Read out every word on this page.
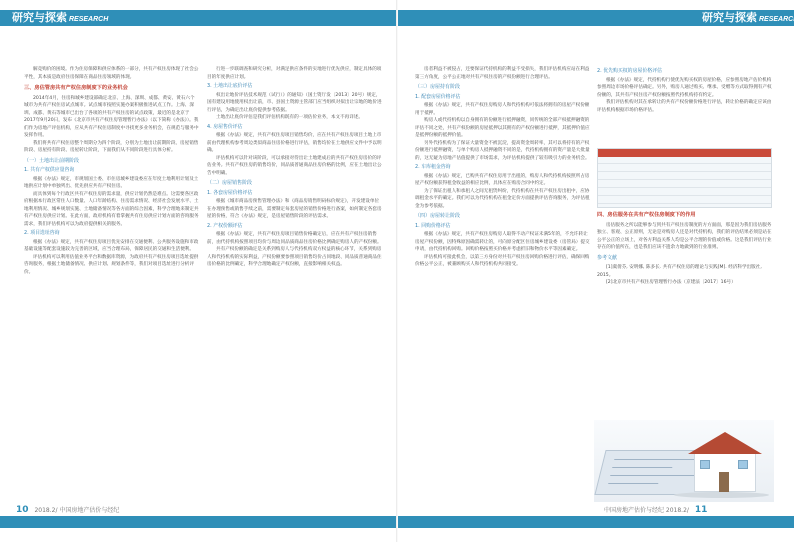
研究与探索 RESEARCH	研究与探索 RESEARCH

解竞购价的困境。作为住房保障和供应体系的一部分，共有产权住房体现了社会公平性，其本质是政府住房保障在商品住房领域的体现。

三、房估管房共有产权住房制度下的业务机会

2014年4月，住房和城乡建设部确定北京、上海、深圳、成都、黄安、黄石六个城市为共有产权住房试点城市。试点城市按照实施办案积极推进试点工作。上海、深圳、成都、黄石等城市已出台了各项的共有产权住房的试点政策，最近的是北京于2017年9月20日，发布《北京市共有产权住房管理暂行办法》（以下简称《办法》）。我们作为房地产评估机构，应从共有产权住房制度中寻找更多业务机会，在规范与服务中发挥作用。

我们将共有产权住房整个周期分为四个阶段，分别为土地出让前期阶段、房屋销售阶段、房屋持有阶段、房屋转让阶段，下面我们从不同阶段进行具体分析。

（一）土地出让前期阶段
1. 共有产权供应量咨询

根据《办法》规定，市规划国土委、市住房城乡建设委应在年度土地利用计划及土地供应计划中单独列出、优先供应共有产权住房。

而具体到每个行政区共有产权住房的需求量，供应计划仍然是难点。这需要各区政府根据本行政区常住人口数量、人口年龄结构、住房需求情况、经济社会发展水平、土地利用情况、城乡规划实施、土地储备情况等各方面的综合因素，科学合理地来制定共有产权住房供应计划。在此方面，政府机构有着掌握共有住房供应计划方面的咨询服务需求，我们评估机构可以为政府提供相关的服务。

2. 项目选址咨询

根据《办法》规定，共有产权住房项目优先安排在交通便利、公共服务设施和市政基础设施等配套设施较为完善的区域，应当合理布局，保障居民的交通和生活便利。

评估机构可以利用估值业务平台和数据库资源，为政府共有产权住房项目选址提供咨询服务，根据土地储备情况、供应计划、规划条件等，我们对项目选址进行分析评价。

行进一步联调查和研究分析，对满足供应条件的实地进行优先供应，制定具体的项目的年度供应计划。

3. 土地出让底价评估

权出让地价评估技术规范（试行）》的通知》（国土资厅发〔2013〕20号）规定，国有建设用地使用权出让前，市、县国土资源主管部门应当组织对拟出让宗地的地价进行评估，为确定出让底价提供参考依据。

土地出让底价评估是我们评估机构既有的一项估价业务，本文不再详述。

4. 房屋售价评估

根据《办法》规定，共有产权住房项目销售均价，应在共有产权住房项目土地上市前由代理机构参考周边类似商品住房价格进行评估，销售均价在土地供应文件中予以明确。

评估机构可以针对该阶段，可以承接对待出让土地建成后的共有产权住房房价的评估业务。共有产权住房的销售均价，同品质普通商品住房价格的比例，应在土地出让公告中明确。

（二）房屋销售阶段
1. 各套房屋价格评估

根据《城市商品房预售管理办法》和《商品房销售明码标价规定》，开发建设单位在办理预售或销售手续之前，需要制定每套房屋的销售价格进行备案，如何制定各套房屋的价格，符合《办法》规定，是房屋销售阶段的评估需求。

2. 产权份额评估

根据《办法》规定，共有产权住房项目销售价格确定后，应在共有产权住房销售前，由代持机构按照项目均价与周边同品质商品住房价格比例确定购房人的产权份额。

共有产权份额的确定是关系到购房人与代持机构双方权益的核心环节，关系到购房人和代持机构的实际利益，产权份额要参照项目销售均价占同地段、同品质普通商品住房价格的比例确定，科学合理地确定产权份额，直接影响相关权益。

房者利益不被侵占，还要保证代持机构的利益不受损失，我们评估机构应站在利益第三方角度，公平公正地对共有产权住房的产权份额进行合理评估。

（三）房屋持有阶段
1. 配套房屋价格评估

根据《办法》规定，共有产权住房购房人和代持机构可依法将拥有的房屋产权份额用于抵押。

购房人或代持机构以自身拥有的份额进行抵押融资，同传统的全部产权抵押融资的评估不同之处，共有产权份额的房屋抵押以其拥有的产权份额进行抵押，其抵押价值应是抵押份额的抵押价值。

另外代持机构为了保证大量资金不被沉淀，提高资金周转率，其可以将持有的产权份额进行抵押融资，与单个购房人抵押融资不同的是，代持机构拥有的资产量是大批量的，这无疑为房地产估值提供了市场需求，为评估机构提供了较有吸引力的业务机会。

2. 车库租金咨询

根据《办法》规定，已购共有产权住房用于出租的，购房人和代持机构按照所占房屋产权份额获得租金收益的相应比例，具体应在购房合同中约定。

为了保证出租人和承租人之间无租赁纠纷，代持机构在共有产权住房出租中，应协调租金水平的确定。我们可以为代持机构在租金定价方面提供评估咨询服务，为评估租金为参考依据。

（四）房屋转让阶段
1. 回购价格评估

根据《办法》规定，共有产权住房购房人取得不动产权证未满5年的，不允许转让房屋产权份额，因特殊原因确需转让的，可向原分配区住房城乡建设委（房管局）提交申请，由代持机构回购。回购价格按照买价格并考虑折旧和物价水平等因素确定。

评估机构可接此机会，以第三方身份对共有产权住房回购价格进行评估，确保回购价格公平公正，被兼顾购买人和代持机构共同接受。

2. 优先购买权的房屋价格评估

根据《办法》规定，代持机构行使优先购买权的房屋价格，应参照房地产估价机构参照周边市场价格评估确定。另外，购房人通过购买、继承、受赠等方式取得拥有产权份额的，其共有产权住房产权份额按照代持机构持有约定。

我们评估机构对其在承转让的共有产权份额价格进行评估，转让价格的确定应该由评估机构根据市场价格评估。

四、房估服务在共有产权住房制度下的作用

房估服务之所以能够参与到共有产权住房制度的方方面面，那是因为我们房估服务独立、客观、公正原则，无论是对购房人还是对代持机构，我们的评估结果必须是站在公平公正的立场上，对各方利益关系人均是公平合理的价值或价格。这是我们评估行业存在的价值所在，也是我们应该不遗余力地做到的行业准则。

参考文献

[1]虞倩芬, 安明娜, 陈多长. 共有产权住房的理论与实践[M]. 经济科学出版社, 2015。

[2]北京市共有产权住房管理暂行办法（京建法〔2017〕16号）

10 2018.2/ 中国房地产估价与经纪	中国房地产估价与经纪 2018.2/ 11
